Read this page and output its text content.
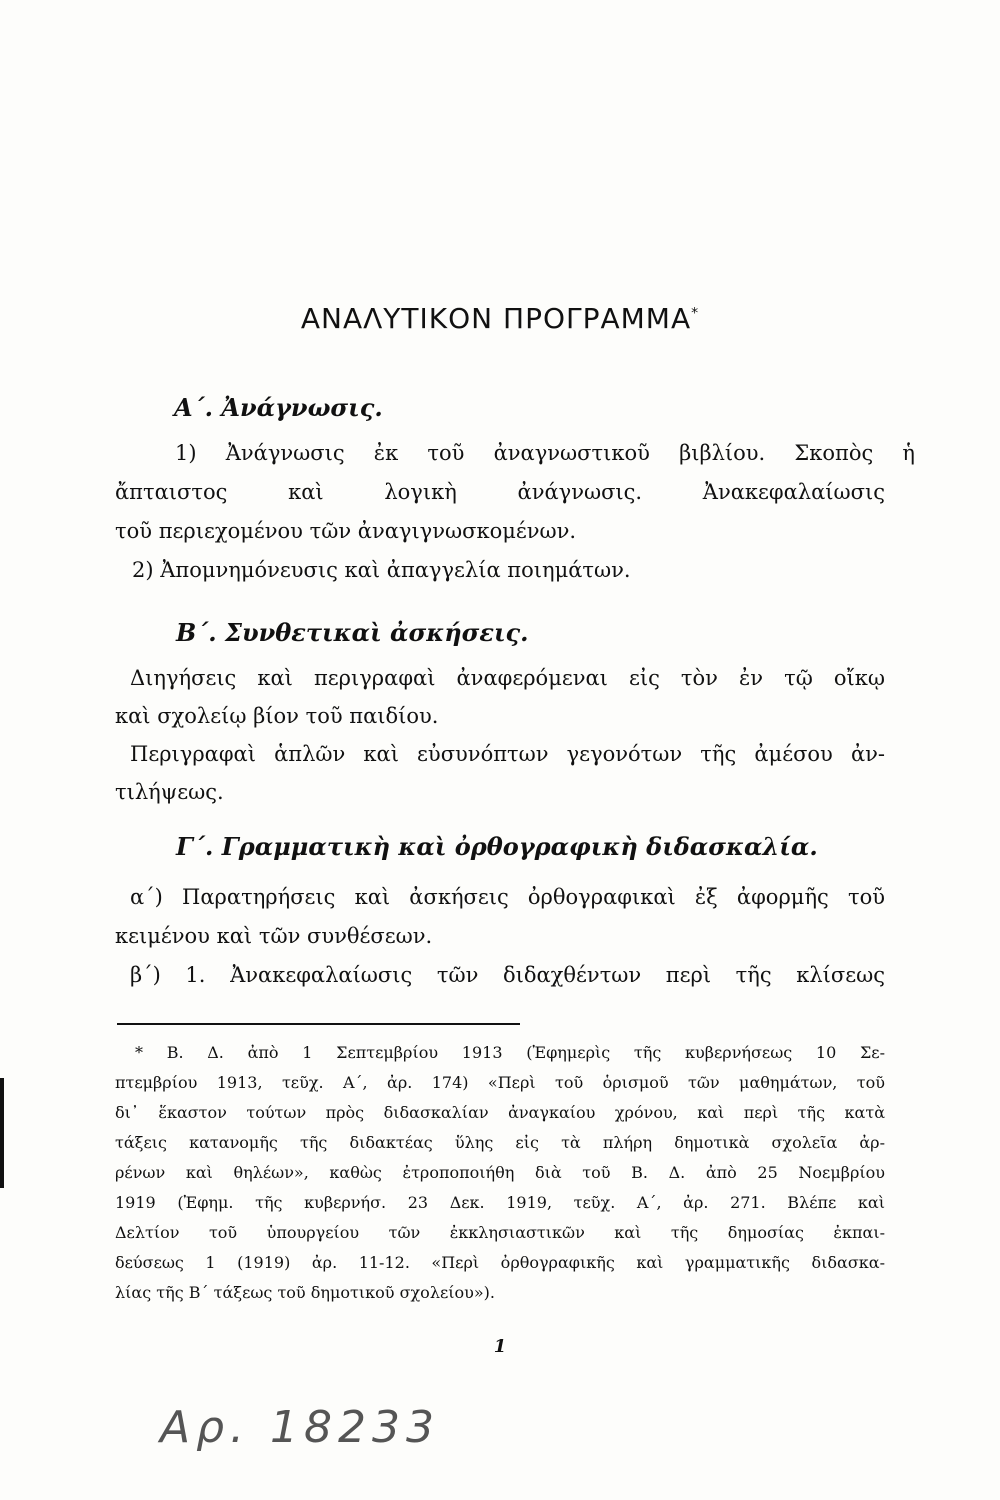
ΑΝΑΛΥΤΙΚΟΝ ΠΡΟΓΡΑΜΜΑ*
Α΄. Ἀνάγνωσις.
1) Ἀνάγνωσις ἐκ τοῦ ἀναγνωστικοῦ βιβλίου. Σκοπὸς ἡ
ἄπταιστος καὶ λογικὴ ἀνάγνωσις. Ἀνακεφαλαίωσις
τοῦ περιεχομένου τῶν ἀναγιγνωσκομένων.
2) Ἀπομνημόνευσις καὶ ἀπαγγελία ποιημάτων.
Β΄. Συνθετικαὶ ἀσκήσεις.
Διηγήσεις καὶ περιγραφαὶ ἀναφερόμεναι εἰς τὸν ἐν τῷ οἴκῳ
καὶ σχολείῳ βίον τοῦ παιδίου.
Περιγραφαὶ ἁπλῶν καὶ εὐσυνόπτων γεγονότων τῆς ἀμέσου ἀν-
τιλήψεως.
Γ΄. Γραμματικὴ καὶ ὀρθογραφικὴ διδασκαλία.
α΄) Παρατηρήσεις καὶ ἀσκήσεις ὀρθογραφικαὶ ἐξ ἀφορμῆς τοῦ
κειμένου καὶ τῶν συνθέσεων.
β΄) 1. Ἀνακεφαλαίωσις τῶν διδαχθέντων περὶ τῆς κλίσεως
* Β. Δ. ἀπὸ 1 Σεπτεμβρίου 1913 (Ἐφημερὶς τῆς κυβερνήσεως 10 Σε-
πτεμβρίου 1913, τεῦχ. Α΄, ἀρ. 174) «Περὶ τοῦ ὁρισμοῦ τῶν μαθημάτων, τοῦ
δι᾿ ἕκαστον τούτων πρὸς διδασκαλίαν ἀναγκαίου χρόνου, καὶ περὶ τῆς κατὰ
τάξεις κατανομῆς τῆς διδακτέας ὕλης εἰς τὰ πλήρη δημοτικὰ σχολεῖα ἀρ-
ρένων καὶ θηλέων», καθὼς ἐτροποποιήθη διὰ τοῦ Β. Δ. ἀπὸ 25 Νοεμβρίου
1919 (Ἐφημ. τῆς κυβερνήσ. 23 Δεκ. 1919, τεῦχ. Α΄, ἀρ. 271. Βλέπε καὶ
Δελτίον τοῦ ὑπουργείου τῶν ἐκκλησιαστικῶν καὶ τῆς δημοσίας ἐκπαι-
δεύσεως 1 (1919) ἀρ. 11-12. «Περὶ ὀρθογραφικῆς καὶ γραμματικῆς διδασκα-
λίας τῆς Β΄ τάξεως τοῦ δημοτικοῦ σχολείου»).
1
Αρ. 18233
